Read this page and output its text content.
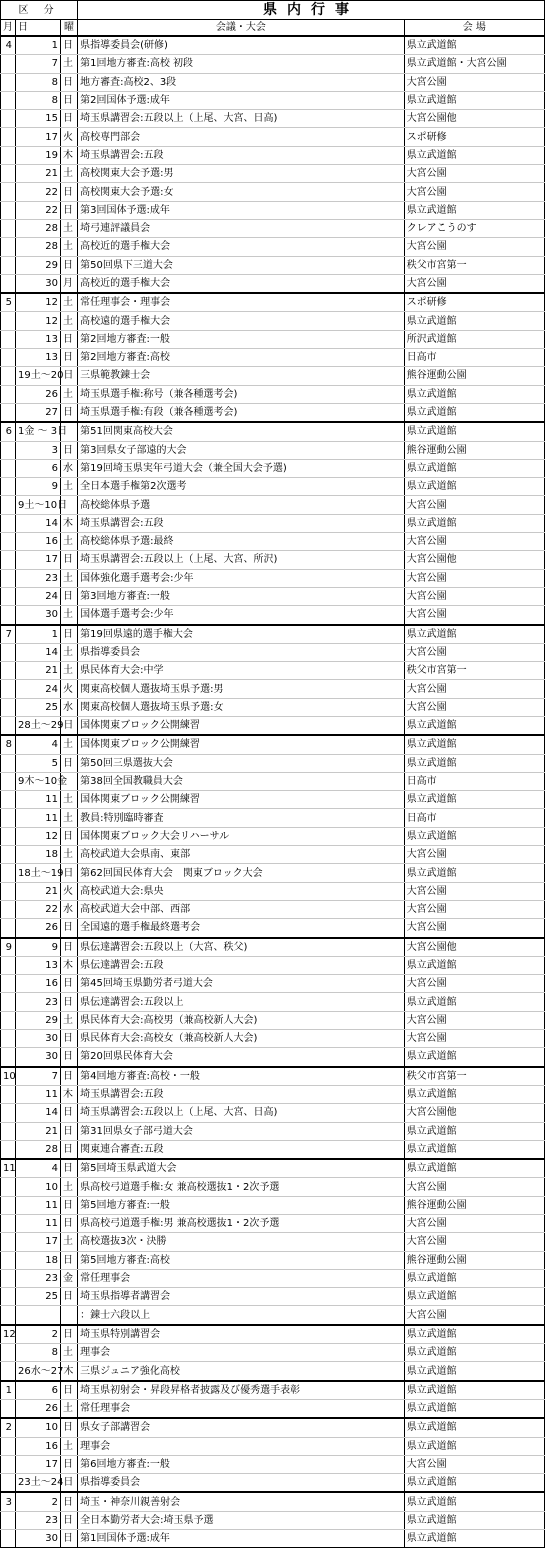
区 分			県内行事	
月	日	曜	会議・大会	会 場
4	1	日	県指導委員会(研修)	県立武道館
	7	土	第1回地方審査:高校 初段	県立武道館・大宮公園
	8	日	地方審査:高校2、3段	大宮公園
	8	日	第2回国体予選:成年	県立武道館
	15	日	埼玉県講習会:五段以上（上尾、大宮、日高)	大宮公園他
	17	火	高校専門部会	スポ研修
	19	木	埼玉県講習会:五段	県立武道館
	21	土	高校関東大会予選:男	大宮公園
	22	日	高校関東大会予選:女	大宮公園
	22	日	第3回国体予選:成年	県立武道館
	28	土	埼弓連評議員会	クレアこうのす
	28	土	高校近的選手権大会	大宮公園
	29	日	第50回県下三道大会	秩父市宮第一
	30	月	高校近的選手権大会	大宮公園
5	12	土	常任理事会・理事会	スポ研修
	12	土	高校遠的選手権大会	県立武道館
	13	日	第2回地方審査:一般	所沢武道館
	13	日	第2回地方審査:高校	日高市
	19土～20日		三県範教錬士会	熊谷運動公園
	26	土	埼玉県選手権:称号（兼各種選考会)	県立武道館
	27	日	埼玉県選手権:有段（兼各種選考会)	県立武道館
6	1金 ～ 3日		第51回関東高校大会	県立武道館
	3	日	第3回県女子部遠的大会	熊谷運動公園
	6	水	第19回埼玉県実年弓道大会（兼全国大会予選)	県立武道館
	9	土	全日本選手権第2次選考	県立武道館
	9土～10日		高校総体県予選	大宮公園
	14	木	埼玉県講習会:五段	県立武道館
	16	土	高校総体県予選:最終	大宮公園
	17	日	埼玉県講習会:五段以上（上尾、大宮、所沢)	大宮公園他
	23	土	国体強化選手選考会:少年	大宮公園
	24	日	第3回地方審査:一般	大宮公園
	30	土	国体選手選考会:少年	大宮公園
7	1	日	第19回県遠的選手権大会	県立武道館
	14	土	県指導委員会	大宮公園
	21	土	県民体育大会:中学	秩父市宮第一
	24	火	関東高校個人選抜埼玉県予選:男	大宮公園
	25	水	関東高校個人選抜埼玉県予選:女	大宮公園
	28土～29日		国体関東ブロック公開練習	県立武道館
8	4	土	国体関東ブロック公開練習	県立武道館
	5	日	第50回三県選抜大会	県立武道館
	9木～10金		第38回全国教職員大会	日高市
	11	土	国体関東ブロック公開練習	県立武道館
	11	土	教員:特別臨時審査	日高市
	12	日	国体関東ブロック大会リハーサル	県立武道館
	18	土	高校武道大会県南、東部	大宮公園
	18土～19日		第62回国民体育大会　関東ブロック大会	県立武道館
	21	火	高校武道大会:県央	大宮公園
	22	水	高校武道大会中部、西部	大宮公園
	26	日	全国遠的選手権最終選考会	大宮公園
9	9	日	県伝達講習会:五段以上（大宮、秩父)	大宮公園他
	13	木	県伝達講習会:五段	県立武道館
	16	日	第45回埼玉県勤労者弓道大会	大宮公園
	23	日	県伝達講習会:五段以上	県立武道館
	29	土	県民体育大会:高校男（兼高校新人大会)	大宮公園
	30	日	県民体育大会:高校女（兼高校新人大会)	大宮公園
	30	日	第20回県民体育大会	県立武道館
10	7	日	第4回地方審査:高校・一般	秩父市宮第一
	11	木	埼玉県講習会:五段	県立武道館
	14	日	埼玉県講習会:五段以上（上尾、大宮、日高)	大宮公園他
	21	日	第31回県女子部弓道大会	県立武道館
	28	日	関東連合審査:五段	県立武道館
11	4	日	第5回埼玉県武道大会	県立武道館
	10	土	県高校弓道選手権:女 兼高校選抜1・2次予選	大宮公園
	11	日	第5回地方審査:一般	熊谷運動公園
	11	日	県高校弓道選手権:男 兼高校選抜1・2次予選	大宮公園
	17	土	高校選抜3次・決勝	大宮公園
	18	日	第5回地方審査:高校	熊谷運動公園
	23	金	常任理事会	県立武道館
	25	日	埼玉県指導者講習会	県立武道館
			：錬士六段以上	大宮公園
12	2	日	埼玉県特別講習会	県立武道館
	8	土	理事会	県立武道館
	26水～27木		三県ジュニア強化高校	県立武道館
1	6	日	埼玉県初射会・昇段昇格者披露及び優秀選手表彰	県立武道館
	26	土	常任理事会	県立武道館
2	10	日	県女子部講習会	県立武道館
	16	土	理事会	県立武道館
	17	日	第6回地方審査:一般	大宮公園
	23土～24日		県指導委員会	県立武道館
3	2	日	埼玉・神奈川親善射会	県立武道館
	23	日	全日本勤労者大会:埼玉県予選	県立武道館
	30	日	第1回国体予選:成年	県立武道館
